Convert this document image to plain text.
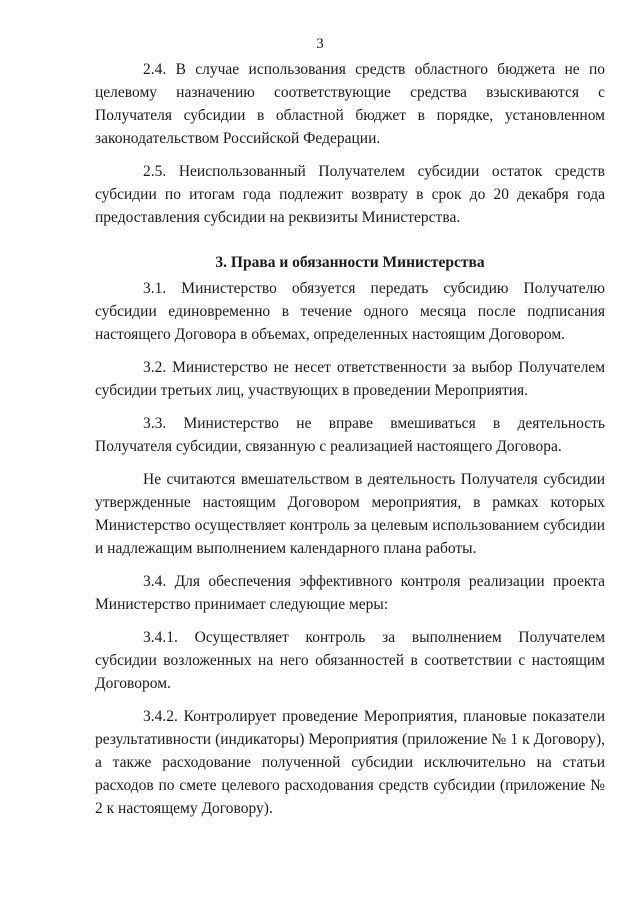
3

2.4. В случае использования средств областного бюджета не по целевому назначению соответствующие средства взыскиваются с Получателя субсидии в областной бюджет в порядке, установленном законодательством Российской Федерации.

2.5. Неиспользованный Получателем субсидии остаток средств субсидии по итогам года подлежит возврату в срок до 20 декабря года предоставления субсидии на реквизиты Министерства.

3. Права и обязанности Министерства

3.1. Министерство обязуется передать субсидию Получателю субсидии единовременно в течение одного месяца после подписания настоящего Договора в объемах, определенных настоящим Договором.

3.2. Министерство не несет ответственности за выбор Получателем субсидии третьих лиц, участвующих в проведении Мероприятия.

3.3. Министерство не вправе вмешиваться в деятельность Получателя субсидии, связанную с реализацией настоящего Договора.

Не считаются вмешательством в деятельность Получателя субсидии утвержденные настоящим Договором мероприятия, в рамках которых Министерство осуществляет контроль за целевым использованием субсидии и надлежащим выполнением календарного плана работы.

3.4. Для обеспечения эффективного контроля реализации проекта Министерство принимает следующие меры:

3.4.1. Осуществляет контроль за выполнением Получателем субсидии возложенных на него обязанностей в соответствии с настоящим Договором.

3.4.2. Контролирует проведение Мероприятия, плановые показатели результативности (индикаторы) Мероприятия (приложение № 1 к Договору), а также расходование полученной субсидии исключительно на статьи расходов по смете целевого расходования средств субсидии (приложение № 2 к настоящему Договору).
